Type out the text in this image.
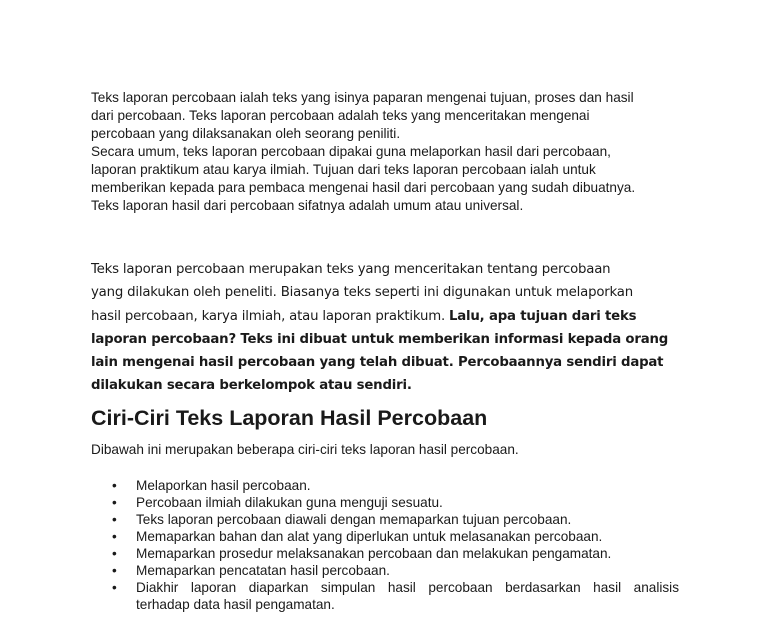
Teks laporan percobaan ialah teks yang isinya paparan mengenai tujuan, proses dan hasil
dari percobaan. Teks laporan percobaan adalah teks yang menceritakan mengenai
percobaan yang dilaksanakan oleh seorang peniliti.
Secara umum, teks laporan percobaan dipakai guna melaporkan hasil dari percobaan,
laporan praktikum atau karya ilmiah. Tujuan dari teks laporan percobaan ialah untuk
memberikan kepada para pembaca mengenai hasil dari percobaan yang sudah dibuatnya.
Teks laporan hasil dari percobaan sifatnya adalah umum atau universal.

Teks laporan percobaan merupakan teks yang menceritakan tentang percobaan
yang dilakukan oleh peneliti. Biasanya teks seperti ini digunakan untuk melaporkan
hasil percobaan, karya ilmiah, atau laporan praktikum. Lalu, apa tujuan dari teks
laporan percobaan? Teks ini dibuat untuk memberikan informasi kepada orang
lain mengenai hasil percobaan yang telah dibuat. Percobaannya sendiri dapat
dilakukan secara berkelompok atau sendiri.

Ciri-Ciri Teks Laporan Hasil Percobaan

Dibawah ini merupakan beberapa ciri-ciri teks laporan hasil percobaan.

• Melaporkan hasil percobaan.
• Percobaan ilmiah dilakukan guna menguji sesuatu.
• Teks laporan percobaan diawali dengan memaparkan tujuan percobaan.
• Memaparkan bahan dan alat yang diperlukan untuk melasanakan percobaan.
• Memaparkan prosedur melaksanakan percobaan dan melakukan pengamatan.
• Memaparkan pencatatan hasil percobaan.
• Diakhir laporan diaparkan simpulan hasil percobaan berdasarkan hasil analisis
terhadap data hasil pengamatan.
